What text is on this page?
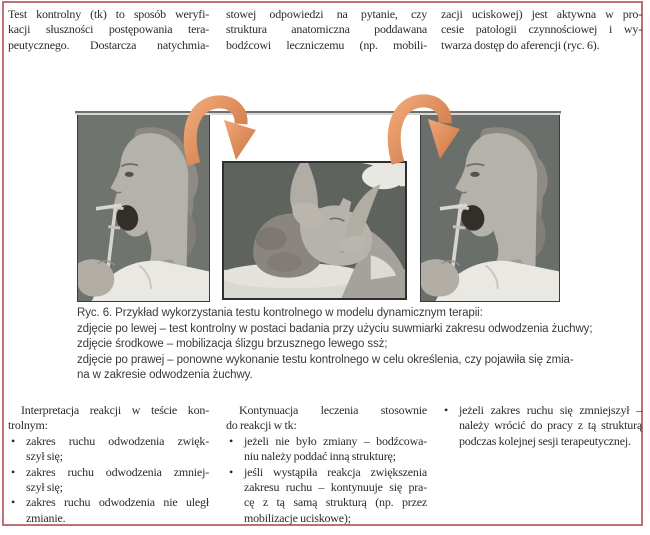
Test kontrolny (tk) to sposób weryfi-
kacji słuszności postępowania tera-
peutycznego. Dostarcza natychmia-
stowej odpowiedzi na pytanie, czy
struktura anatomiczna poddawana
bodźcowi leczniczemu (np. mobili-
zacji uciskowej) jest aktywna w pro-
cesie patologii czynnościowej i wy-
twarza dostęp do aferencji (ryc. 6).
Ryc. 6. Przykład wykorzystania testu kontrolnego w modelu dynamicznym terapii:
zdjęcie po lewej – test kontrolny w postaci badania przy użyciu suwmiarki zakresu odwodzenia żuchwy;
zdjęcie środkowe – mobilizacja ślizgu brzusznego lewego ssż;
zdjęcie po prawej – ponowne wykonanie testu kontrolnego w celu określenia, czy pojawiła się zmia-
na w zakresie odwodzenia żuchwy.
Interpretacja reakcji w teście kon-
trolnym:
• zakres ruchu odwodzenia zwięk-
szył się;
• zakres ruchu odwodzenia zmniej-
szył się;
• zakres ruchu odwodzenia nie uległ
zmianie.
Kontynuacja leczenia stosownie
do reakcji w tk:
• jeżeli nie było zmiany – bodźcowa-
niu należy poddać inną strukturę;
• jeśli wystąpiła reakcja zwiększenia
zakresu ruchu – kontynuuje się pra-
cę z tą samą strukturą (np. przez
mobilizacje uciskowe);
• jeżeli zakres ruchu się zmniejszył –
należy wrócić do pracy z tą strukturą
podczas kolejnej sesji terapeutycznej.
